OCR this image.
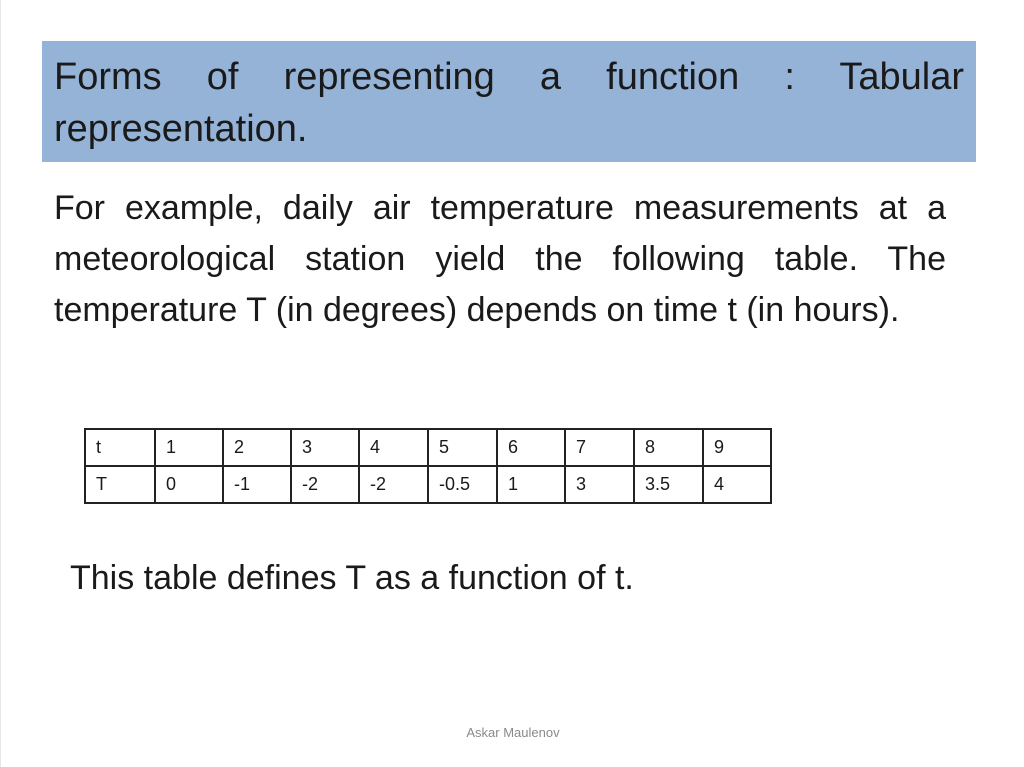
Forms of representing a function : Tabular representation.

For example, daily air temperature measurements at a meteorological station yield the following table. The temperature T (in degrees) depends on time t (in hours).

t	1	2	3	4	5	6	7	8	9
T	0	-1	-2	-2	-0.5	1	3	3.5	4

This table defines T as a function of t.

Askar Maulenov
